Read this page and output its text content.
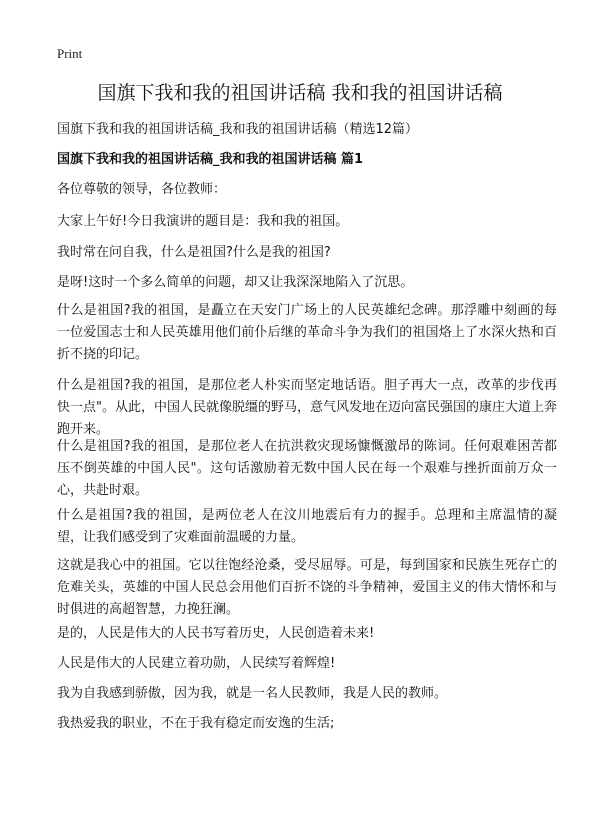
Print
国旗下我和我的祖国讲话稿 我和我的祖国讲话稿
国旗下我和我的祖国讲话稿_我和我的祖国讲话稿（精选12篇）
国旗下我和我的祖国讲话稿_我和我的祖国讲话稿 篇1

各位尊敬的领导，各位教师：

大家上午好!今日我演讲的题目是：我和我的祖国。

我时常在问自我，什么是祖国?什么是我的祖国?

是呀!这时一个多么简单的问题，却又让我深深地陷入了沉思。

什么是祖国?我的祖国，是矗立在天安门广场上的人民英雄纪念碑。那浮雕中刻画的每一位爱国志士和人民英雄用他们前仆后继的革命斗争为我们的祖国烙上了水深火热和百折不挠的印记。

什么是祖国?我的祖国，是那位老人朴实而坚定地话语。胆子再大一点，改革的步伐再快一点"。从此，中国人民就像脱缰的野马，意气风发地在迈向富民强国的康庄大道上奔跑开来。

什么是祖国?我的祖国，是那位老人在抗洪救灾现场慷慨激昂的陈词。任何艰难困苦都压不倒英雄的中国人民"。这句话激励着无数中国人民在每一个艰难与挫折面前万众一心，共赴时艰。

什么是祖国?我的祖国，是两位老人在汶川地震后有力的握手。总理和主席温情的凝望，让我们感受到了灾难面前温暖的力量。

这就是我心中的祖国。它以往饱经沧桑，受尽屈辱。可是，每到国家和民族生死存亡的危难关头，英雄的中国人民总会用他们百折不饶的斗争精神，爱国主义的伟大情怀和与时俱进的高超智慧，力挽狂澜。

是的，人民是伟大的人民书写着历史，人民创造着未来!

人民是伟大的人民建立着功勋，人民续写着辉煌!

我为自我感到骄傲，因为我，就是一名人民教师，我是人民的教师。

我热爱我的职业，不在于我有稳定而安逸的生活;
